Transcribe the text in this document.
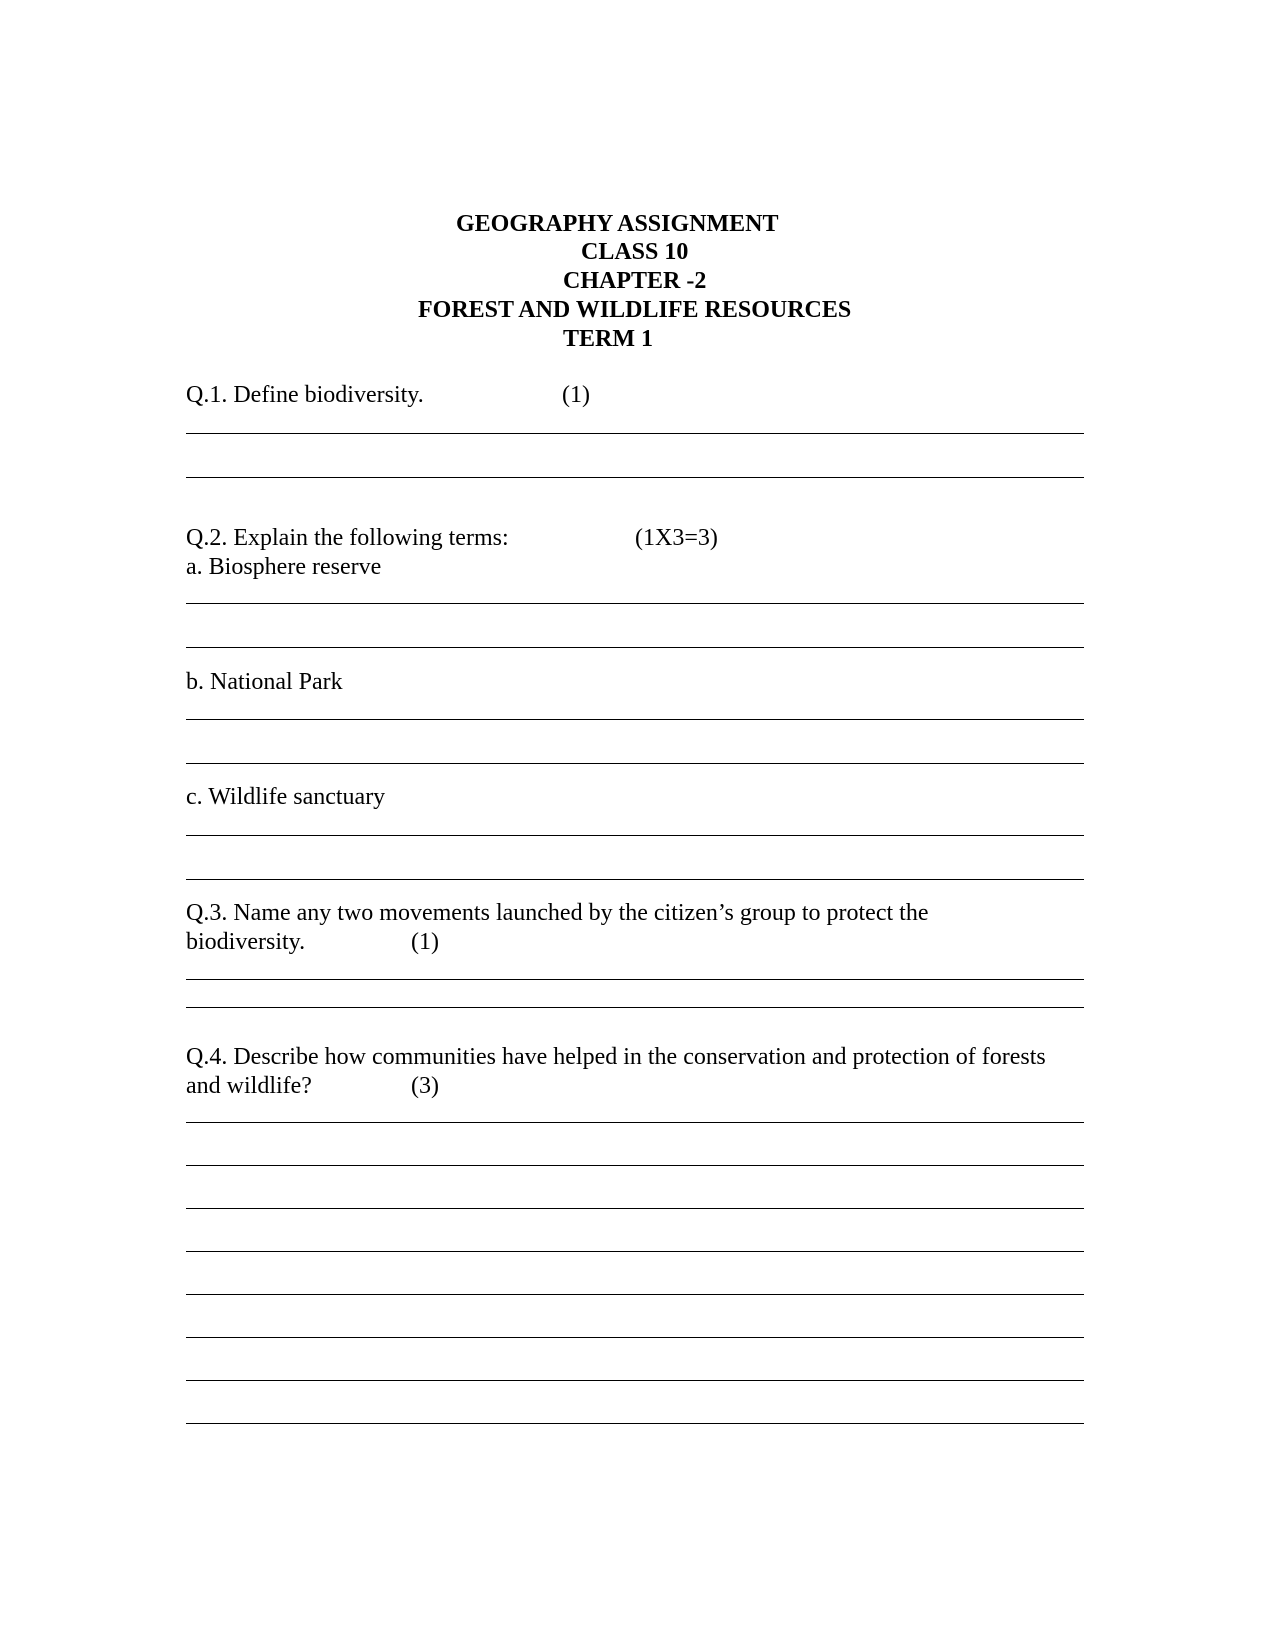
GEOGRAPHY ASSIGNMENT
CLASS 10
CHAPTER -2
FOREST AND WILDLIFE RESOURCES
TERM 1
Q.1. Define biodiversity.	(1)
Q.2. Explain the following terms:	(1X3=3)
a. Biosphere reserve
b. National Park
c. Wildlife sanctuary
Q.3. Name any two movements launched by the citizen’s group to protect the
biodiversity.	(1)
Q.4. Describe how communities have helped in the conservation and protection of forests
and wildlife?	(3)
